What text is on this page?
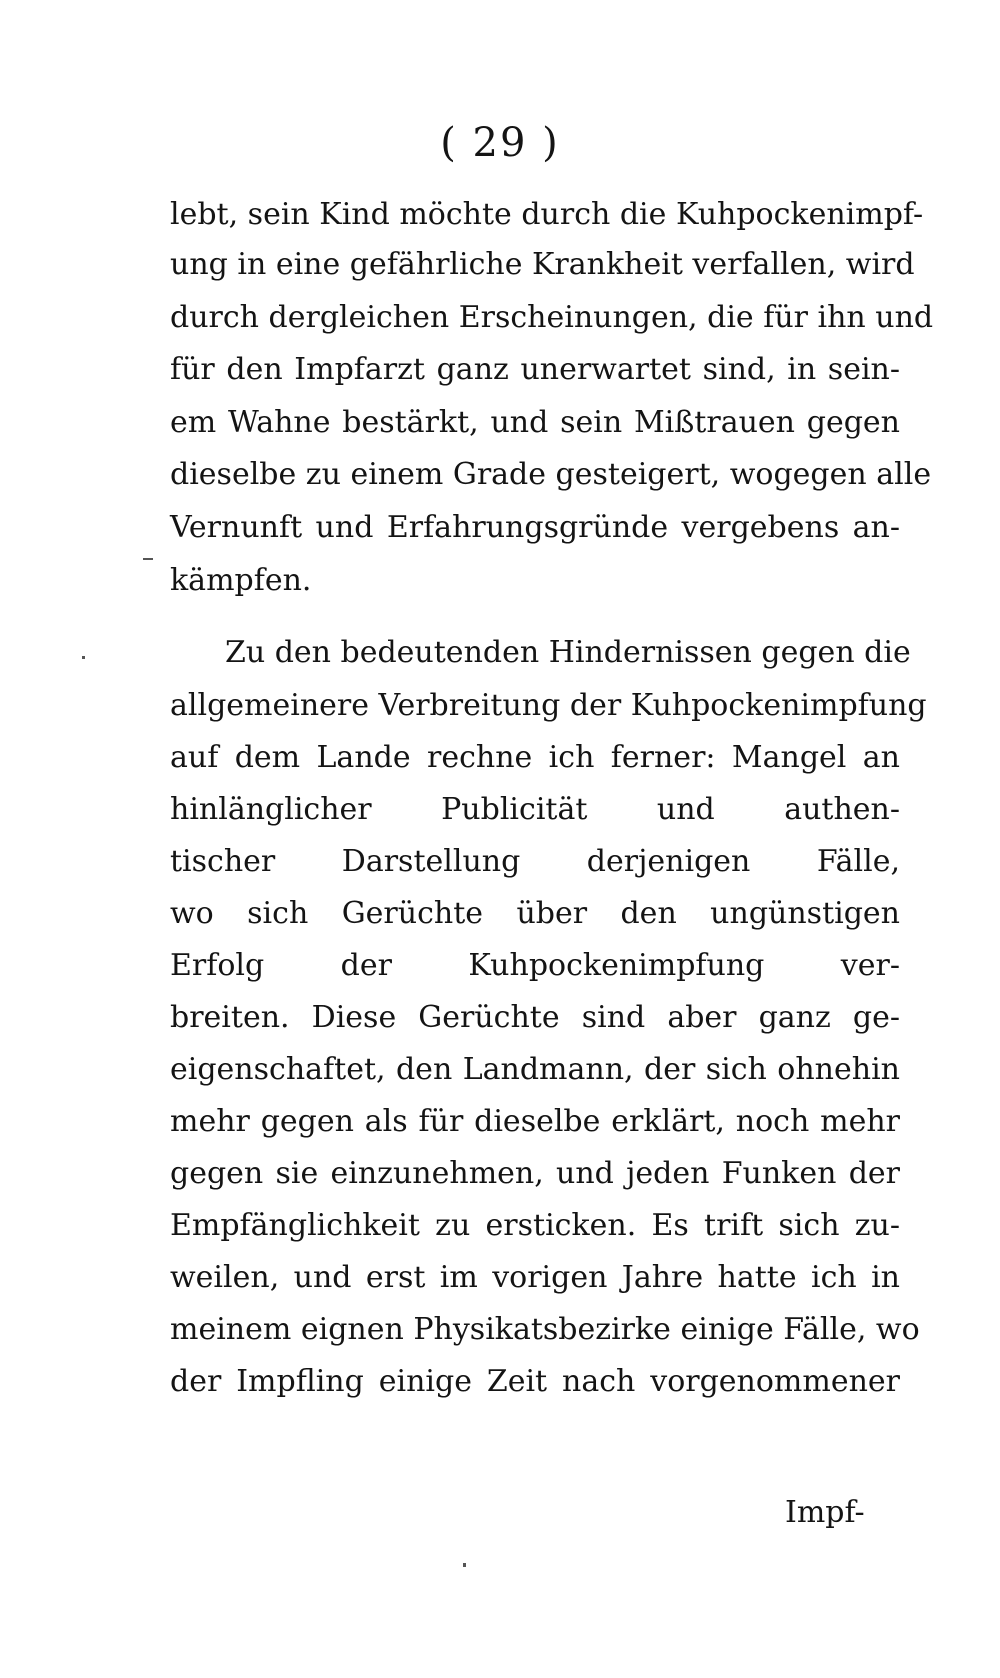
( 29 )
lebt, sein Kind möchte durch die Kuhpockenimpf-
ung in eine gefährliche Krankheit verfallen, wird
durch dergleichen Erscheinungen, die für ihn und
für den Impfarzt ganz unerwartet sind, in sein-
em Wahne bestärkt, und sein Mißtrauen gegen
dieselbe zu einem Grade gesteigert, wogegen alle
Vernunft und Erfahrungsgründe vergebens an-
kämpfen.
Zu den bedeutenden Hindernissen gegen die
allgemeinere Verbreitung der Kuhpockenimpfung
auf dem Lande rechne ich ferner: Mangel an
hinlänglicher Publicität und authen-
tischer Darstellung derjenigen Fälle,
wo sich Gerüchte über den ungünstigen
Erfolg der Kuhpockenimpfung ver-
breiten. Diese Gerüchte sind aber ganz ge-
eigenschaftet, den Landmann, der sich ohnehin
mehr gegen als für dieselbe erklärt, noch mehr
gegen sie einzunehmen, und jeden Funken der
Empfänglichkeit zu ersticken. Es trift sich zu-
weilen, und erst im vorigen Jahre hatte ich in
meinem eignen Physikatsbezirke einige Fälle, wo
der Impfling einige Zeit nach vorgenommener
Impf-
